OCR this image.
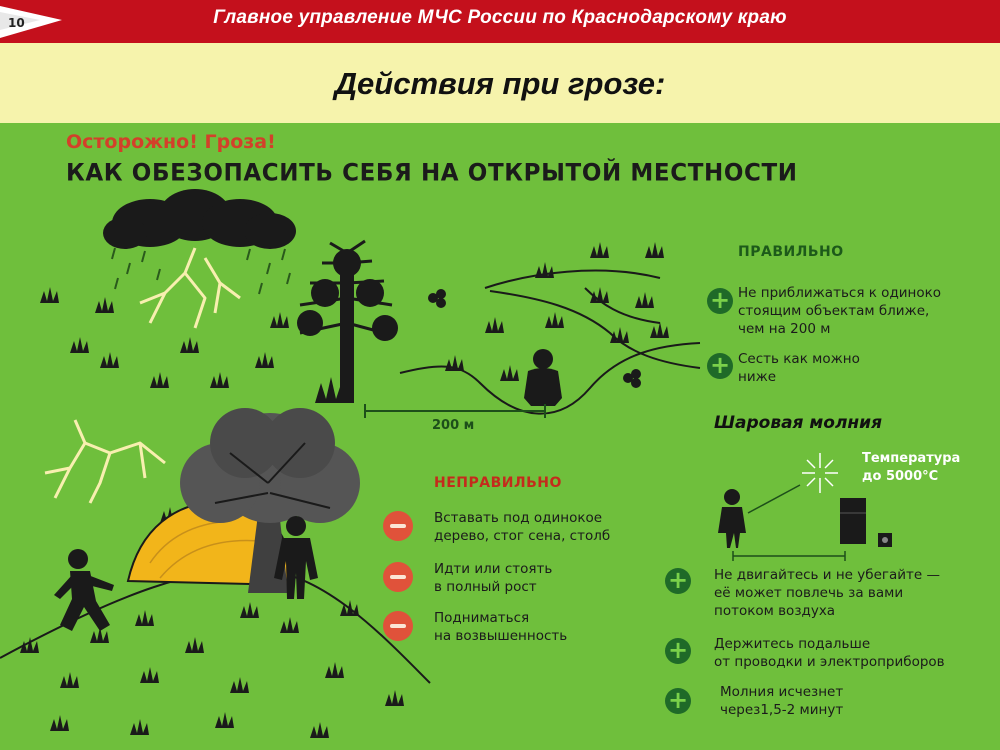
10	Главное управление МЧС России по Краснодарскому краю
Действия при грозе:
Осторожно! Гроза!
КАК ОБЕЗОПАСИТЬ СЕБЯ НА ОТКРЫТОЙ МЕСТНОСТИ
200 м
ПРАВИЛЬНО
+ Не приближаться к одиноко
стоящим объектам ближе,
чем на 200 м
+ Сесть как можно
ниже
Шаровая молния
Температура
до 5000°С
НЕПРАВИЛЬНО
Вставать под одинокое
дерево, стог сена, столб
Идти или стоять
в полный рост
Подниматься
на возвышенность
+ Не двигайтесь и не убегайте —
её может повлечь за вами
потоком воздуха
+ Держитесь подальше
от проводки и электроприборов
+ Молния исчезнет
через1,5-2 минут
